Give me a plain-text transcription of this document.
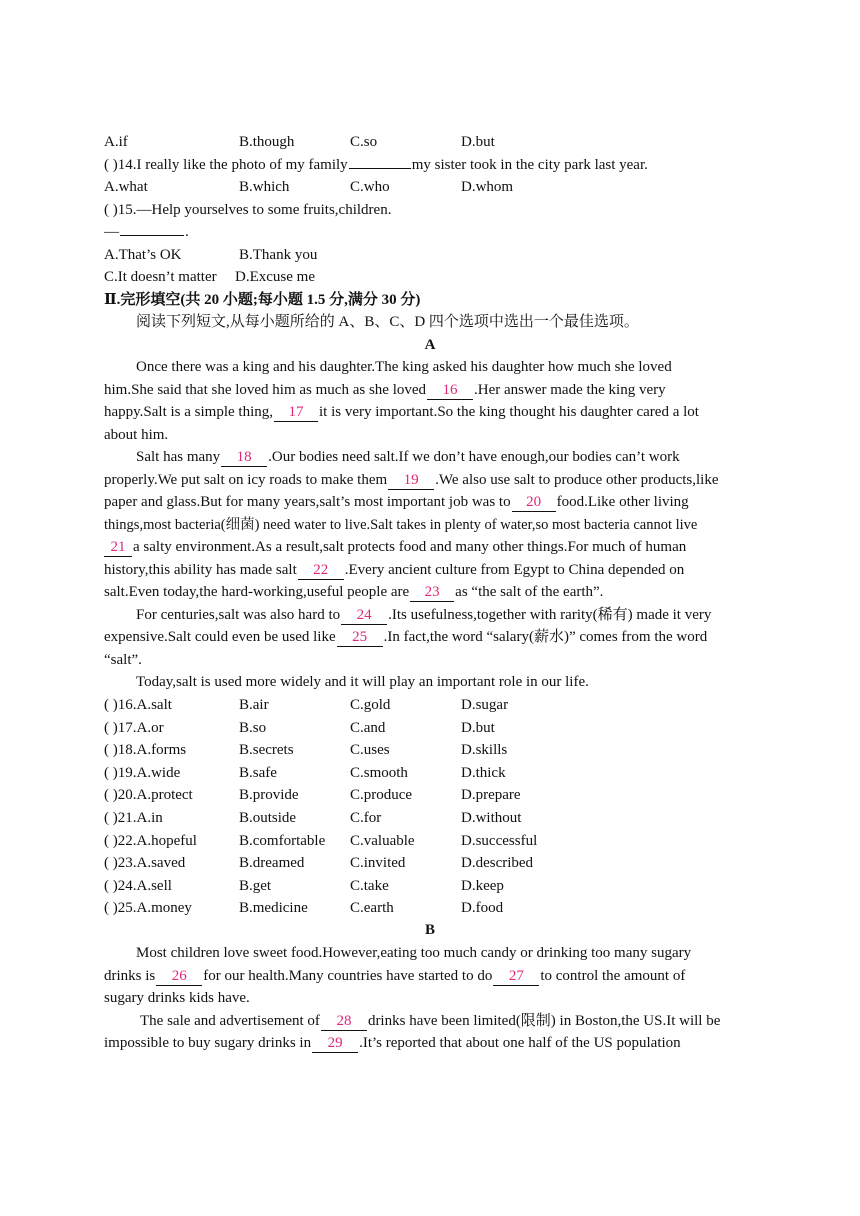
A.if	B.though	C.so	D.but
( )14.I really like the photo of my family	my sister took in the city park last year.
A.what	B.which	C.who	D.whom
( )15.—Help yourselves to some fruits,children.
—	.
A.That’s OK	B.Thank you
C.It doesn’t matter D.Excuse me
Ⅱ.完形填空(共 20 小题;每小题 1.5 分,满分 30 分)
阅读下列短文,从每小题所给的 A、B、C、D 四个选项中选出一个最佳选项。
A
Once there was a king and his daughter.The king asked his daughter how much she loved
him.She said that she loved him as much as she loved 16 .Her answer made the king very
happy.Salt is a simple thing, 17 it is very important.So the king thought his daughter cared a lot
about him.
Salt has many 18 .Our bodies need salt.If we don’t have enough,our bodies can’t work
properly.We put salt on icy roads to make them 19 .We also use salt to produce other products,like
paper and glass.But for many years,salt’s most important job was to 20 food.Like other living
things,most bacteria(细菌) need water to live.Salt takes in plenty of water,so most bacteria cannot live
21 a salty environment.As a result,salt protects food and many other things.For much of human
history,this ability has made salt 22 .Every ancient culture from Egypt to China depended on
salt.Even today,the hard-working,useful people are 23 as “the salt of the earth”.
For centuries,salt was also hard to 24 .Its usefulness,together with rarity(稀有) made it very
expensive.Salt could even be used like 25 .In fact,the word “salary(薪水)” comes from the word
“salt”.
Today,salt is used more widely and it will play an important role in our life.
( )16.A.salt	B.air	C.gold	D.sugar
( )17.A.or	B.so	C.and	D.but
( )18.A.forms	B.secrets	C.uses	D.skills
( )19.A.wide	B.safe	C.smooth	D.thick
( )20.A.protect	B.provide	C.produce	D.prepare
( )21.A.in	B.outside	C.for	D.without
( )22.A.hopeful	B.comfortable C.valuable	D.successful
( )23.A.saved	B.dreamed	C.invited	D.described
( )24.A.sell	B.get	C.take	D.keep
( )25.A.money	B.medicine	C.earth	D.food
B
Most children love sweet food.However,eating too much candy or drinking too many sugary
drinks is 26 for our health.Many countries have started to do 27 to control the amount of
sugary drinks kids have.
The sale and advertisement of 28 drinks have been limited(限制) in Boston,the US.It will be
impossible to buy sugary drinks in 29 .It’s reported that about one half of the US population
